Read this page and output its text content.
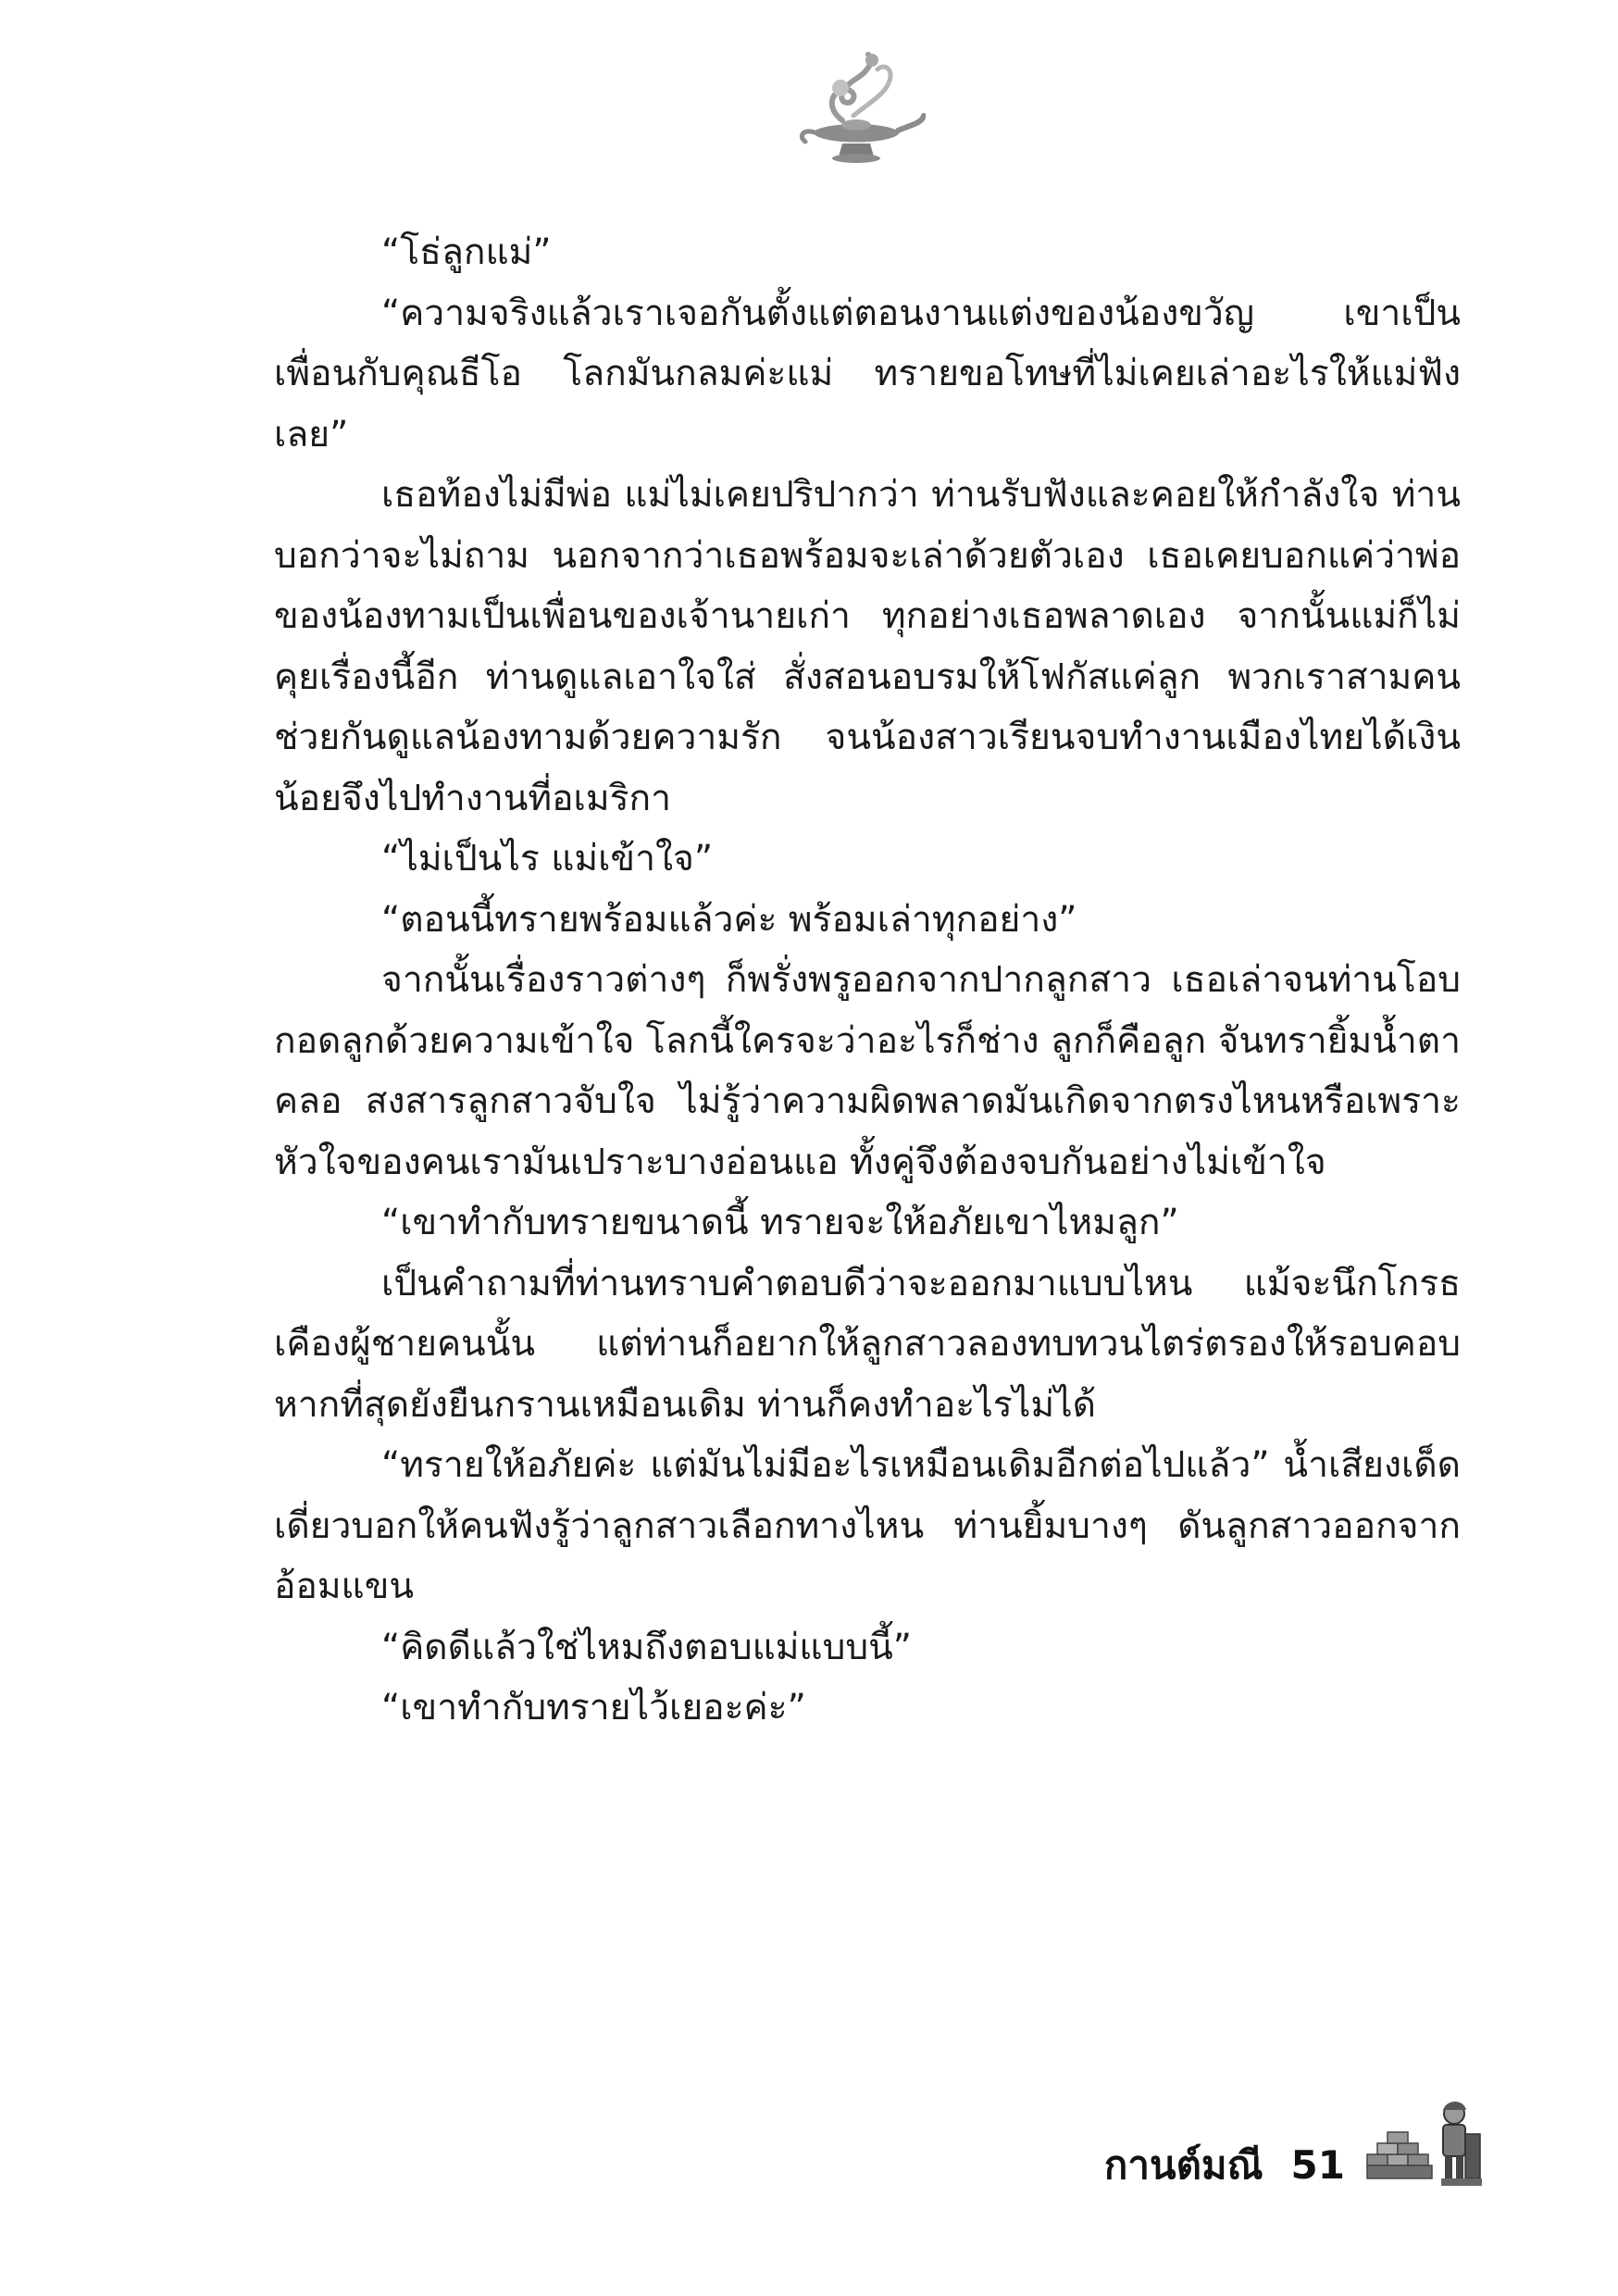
“โธ่ลูกแม่”

“ความจริงแล้วเราเจอกันตั้งแต่ตอนงานแต่งของน้องขวัญ เขาเป็นเพื่อนกับคุณธีโอ โลกมันกลมค่ะแม่ ทรายขอโทษที่ไม่เคยเล่าอะไรให้แม่ฟังเลย”

เธอท้องไม่มีพ่อ แม่ไม่เคยปริปากว่า ท่านรับฟังและคอยให้กำลังใจ ท่านบอกว่าจะไม่ถาม นอกจากว่าเธอพร้อมจะเล่าด้วยตัวเอง เธอเคยบอกแค่ว่าพ่อของน้องทามเป็นเพื่อนของเจ้านายเก่า ทุกอย่างเธอพลาดเอง จากนั้นแม่ก็ไม่คุยเรื่องนี้อีก ท่านดูแลเอาใจใส่ สั่งสอนอบรมให้โฟกัสแค่ลูก พวกเราสามคนช่วยกันดูแลน้องทามด้วยความรัก จนน้องสาวเรียนจบทำงานเมืองไทยได้เงินน้อยจึงไปทำงานที่อเมริกา

“ไม่เป็นไร แม่เข้าใจ”

“ตอนนี้ทรายพร้อมแล้วค่ะ พร้อมเล่าทุกอย่าง”

จากนั้นเรื่องราวต่างๆ ก็พรั่งพรูออกจากปากลูกสาว เธอเล่าจนท่านโอบกอดลูกด้วยความเข้าใจ โลกนี้ใครจะว่าอะไรก็ช่าง ลูกก็คือลูก จันทรายิ้มน้ำตาคลอ สงสารลูกสาวจับใจ ไม่รู้ว่าความผิดพลาดมันเกิดจากตรงไหนหรือเพราะหัวใจของคนเรามันเปราะบางอ่อนแอ ทั้งคู่จึงต้องจบกันอย่างไม่เข้าใจ

“เขาทำกับทรายขนาดนี้ ทรายจะให้อภัยเขาไหมลูก”

เป็นคำถามที่ท่านทราบคำตอบดีว่าจะออกมาแบบไหน แม้จะนึกโกรธเคืองผู้ชายคนนั้น แต่ท่านก็อยากให้ลูกสาวลองทบทวนไตร่ตรองให้รอบคอบ หากที่สุดยังยืนกรานเหมือนเดิม ท่านก็คงทำอะไรไม่ได้

“ทรายให้อภัยค่ะ แต่มันไม่มีอะไรเหมือนเดิมอีกต่อไปแล้ว” น้ำเสียงเด็ดเดี่ยวบอกให้คนฟังรู้ว่าลูกสาวเลือกทางไหน ท่านยิ้มบางๆ ดันลูกสาวออกจากอ้อมแขน

“คิดดีแล้วใช่ไหมถึงตอบแม่แบบนี้”

“เขาทำกับทรายไว้เยอะค่ะ”

กานต์มณี 51
